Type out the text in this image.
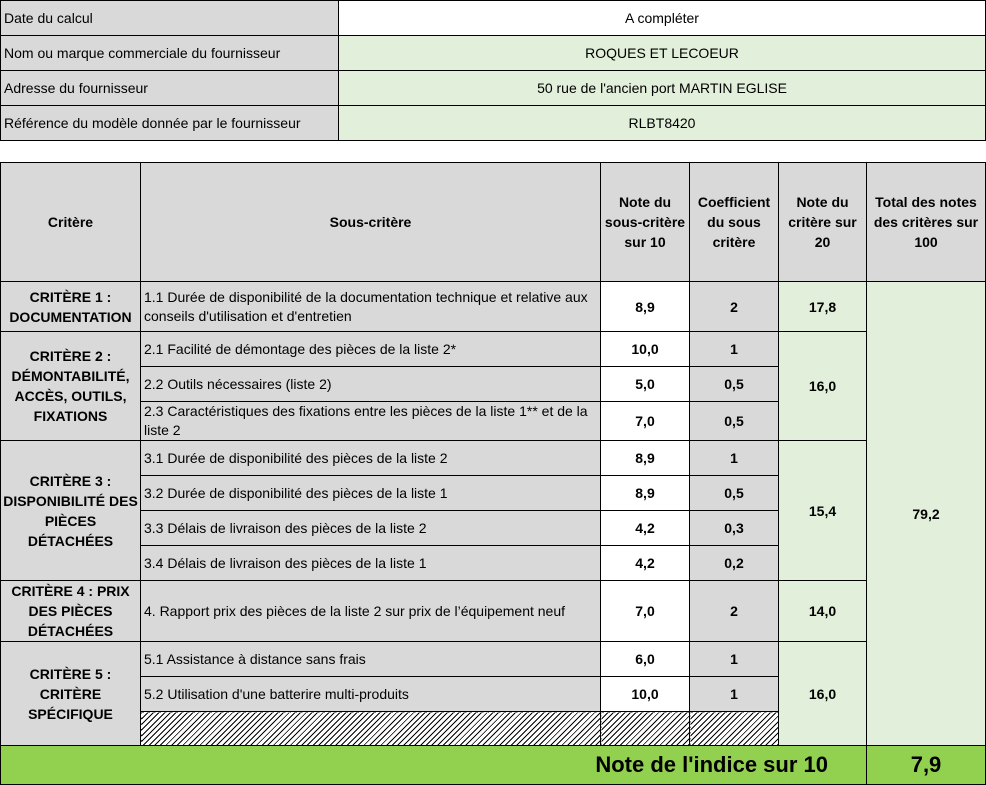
Date du calcul	A compléter
Nom ou marque commerciale du fournisseur	ROQUES ET LECOEUR
Adresse du fournisseur	50 rue de l'ancien port MARTIN EGLISE
Référence du modèle donnée par le fournisseur	RLBT8420
Critère	Sous-critère	Note du sous-critère sur 10	Coefficient du sous critère	Note du critère sur 20	Total des notes des critères sur 100
CRITÈRE 1 : DOCUMENTATION	1.1 Durée de disponibilité de la documentation technique et relative aux conseils d'utilisation et d'entretien	8,9	2	17,8	79,2
CRITÈRE 2 : DÉMONTABILITÉ, ACCÈS, OUTILS, FIXATIONS	2.1 Facilité de démontage des pièces de la liste 2*	10,0	1	16,0	
	2.2 Outils nécessaires (liste 2)	5,0	0,5		
	2.3 Caractéristiques des fixations entre les pièces de la liste 1** et de la liste 2	7,0	0,5		
CRITÈRE 3 : DISPONIBILITÉ DES PIÈCES DÉTACHÉES	3.1 Durée de disponibilité des pièces de la liste 2	8,9	1	15,4	
	3.2 Durée de disponibilité des pièces de la liste 1	8,9	0,5		
	3.3 Délais de livraison des pièces de la liste 2	4,2	0,3		
	3.4 Délais de livraison des pièces de la liste 1	4,2	0,2		
CRITÈRE 4 : PRIX DES PIÈCES DÉTACHÉES	4. Rapport prix des pièces de la liste 2 sur prix de l’équipement neuf	7,0	2	14,0	
CRITÈRE 5 : CRITÈRE SPÉCIFIQUE	5.1 Assistance à distance sans frais	6,0	1	16,0	
	5.2 Utilisation d'une batterire multi-produits	10,0	1		

Note de l'indice sur 10					7,9
